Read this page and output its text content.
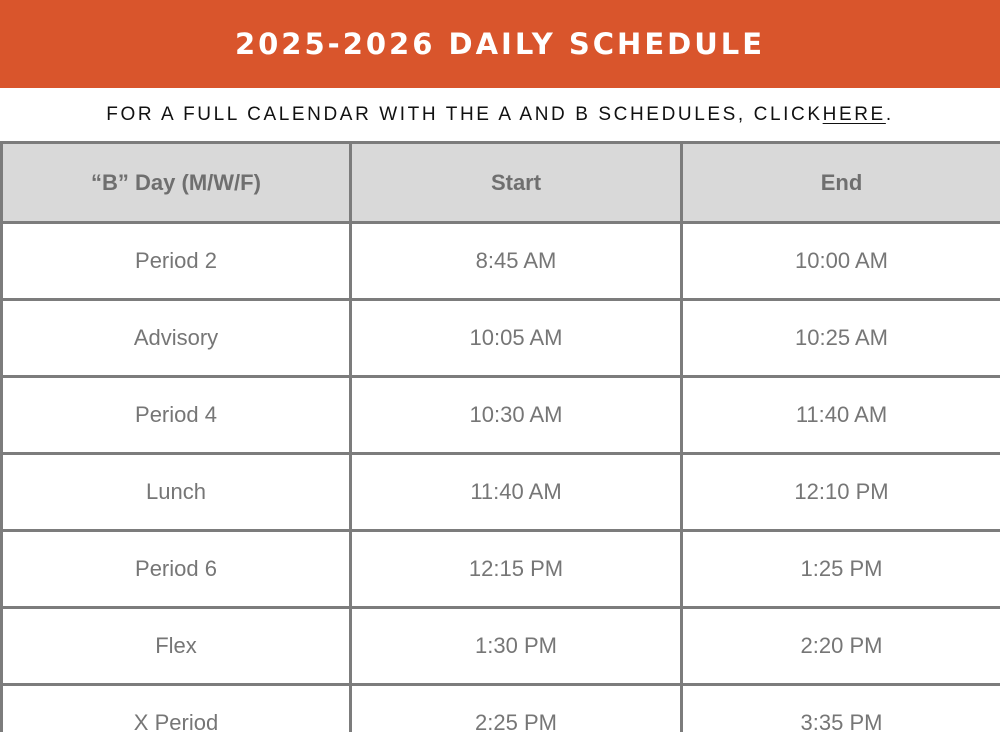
2025-2026 DAILY SCHEDULE
FOR A FULL CALENDAR WITH THE A AND B SCHEDULES, CLICK HERE .
“B” Day (M/W/F)	Start	End
Period 2	8:45 AM	10:00 AM
Advisory	10:05 AM	10:25 AM
Period 4	10:30 AM	11:40 AM
Lunch	11:40 AM	12:10 PM
Period 6	12:15 PM	1:25 PM
Flex	1:30 PM	2:20 PM
X Period	2:25 PM	3:35 PM
